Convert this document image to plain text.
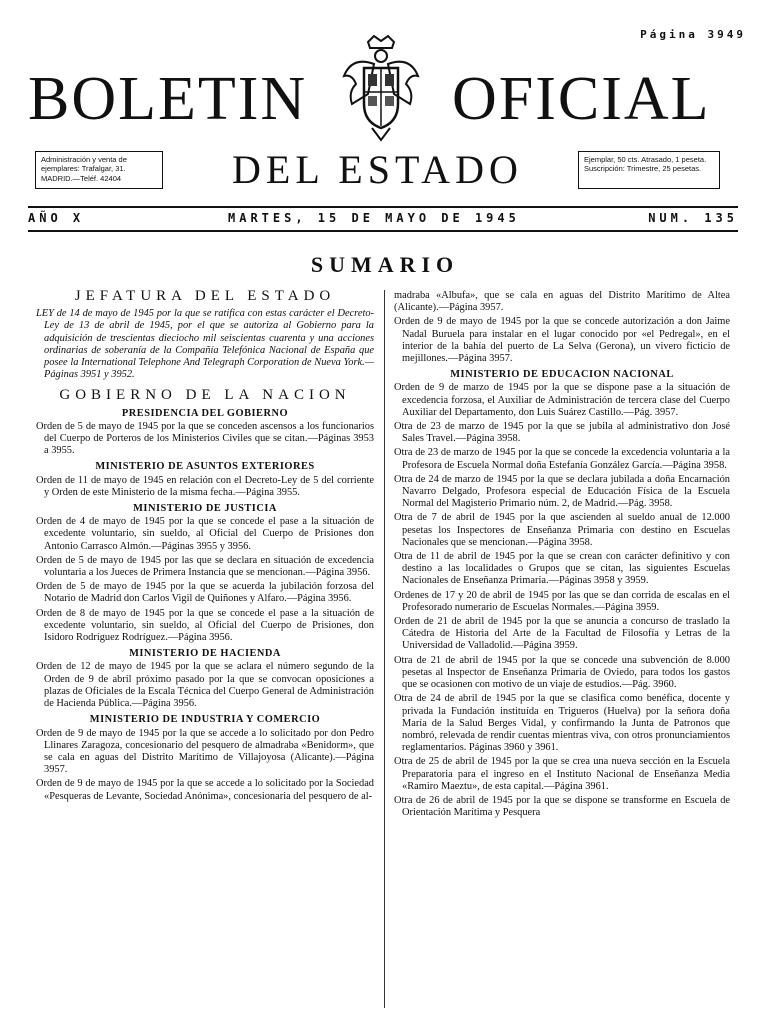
Página 3949
BOLETIN OFICIAL
Administración y venta de ejemplares: Trafalgar, 31. MADRID.—Teléf. 42404	DEL ESTADO	Ejemplar, 50 cts. Atrasado, 1 peseta. Suscripción: Trimestre, 25 pesetas.
AÑO X	MARTES, 15 DE MAYO DE 1945	NUM. 135
SUMARIO
JEFATURA DEL ESTADO

LEY de 14 de mayo de 1945 por la que se ratifica con estas carácter el Decreto-Ley de 13 de abril de 1945, por el que se autoriza al Gobierno para la adquisición de trescientas dieciocho mil seiscientas cuarenta y una acciones ordinarias de soberanía de la Compañía Telefónica Nacional de España que posee la International Telephone And Telegraph Corporation de Nueva York.—Páginas 3951 y 3952.

GOBIERNO DE LA NACION
PRESIDENCIA DEL GOBIERNO

Orden de 5 de mayo de 1945 por la que se conceden ascensos a los funcionarios del Cuerpo de Porteros de los Ministerios Civiles que se citan.—Páginas 3953 a 3955.

MINISTERIO DE ASUNTOS EXTERIORES

Orden de 11 de mayo de 1945 en relación con el Decreto-Ley de 5 del corriente y Orden de este Ministerio de la misma fecha.—Página 3955.

MINISTERIO DE JUSTICIA

Orden de 4 de mayo de 1945 por la que se concede el pase a la situación de excedente voluntario, sin sueldo, al Oficial del Cuerpo de Prisiones don Antonio Carrasco Almón.—Páginas 3955 y 3956.

Orden de 5 de mayo de 1945 por las que se declara en situación de excedencia voluntaria a los Jueces de Primera Instancia que se mencionan.—Página 3956.

Orden de 5 de mayo de 1945 por la que se acuerda la jubilación forzosa del Notario de Madrid don Carlos Vigil de Quiñones y Alfaro.—Página 3956.

Orden de 8 de mayo de 1945 por la que se concede el pase a la situación de excedente voluntario, sin sueldo, al Oficial del Cuerpo de Prisiones, don Isidoro Rodríguez Rodríguez.—Página 3956.

MINISTERIO DE HACIENDA

Orden de 12 de mayo de 1945 por la que se aclara el número segundo de la Orden de 9 de abril próximo pasado por la que se convocan oposiciones a plazas de Oficiales de la Escala Técnica del Cuerpo General de Administración de Hacienda Pública.—Página 3956.

MINISTERIO DE INDUSTRIA Y COMERCIO

Orden de 9 de mayo de 1945 por la que se accede a lo solicitado por don Pedro Llinares Zaragoza, concesionario del pesquero de almadraba «Benidorm», que se cala en aguas del Distrito Marítimo de Villajoyosa (Alicante).—Página 3957.

Orden de 9 de mayo de 1945 por la que se accede a lo solicitado por la Sociedad «Pesqueras de Levante, Sociedad Anónima», concesionaria del pesquero de al-

madraba «Albufa», que se cala en aguas del Distrito Marítimo de Altea (Alicante).—Página 3957.

Orden de 9 de mayo de 1945 por la que se concede autorización a don Jaime Nadal Buruela para instalar en el lugar conocido por «el Pedregal», en el interior de la bahía del puerto de La Selva (Gerona), un vivero ficticio de mejillones.—Página 3957.

MINISTERIO DE EDUCACION NACIONAL

Orden de 9 de marzo de 1945 por la que se dispone pase a la situación de excedencia forzosa, el Auxiliar de Administración de tercera clase del Cuerpo Auxiliar del Departamento, don Luis Suárez Castillo.—Pág. 3957.

Otra de 23 de marzo de 1945 por la que se jubila al administrativo don José Sales Travel.—Página 3958.

Otra de 23 de marzo de 1945 por la que se concede la excedencia voluntaria a la Profesora de Escuela Normal doña Estefanía González García.—Página 3958.

Otra de 24 de marzo de 1945 por la que se declara jubilada a doña Encarnación Navarro Delgado, Profesora especial de Educación Física de la Escuela Normal del Magisterio Primario núm. 2, de Madrid.—Pág. 3958.

Otra de 7 de abril de 1945 por la que ascienden al sueldo anual de 12.000 pesetas los Inspectores de Enseñanza Primaria con destino en Escuelas Nacionales que se mencionan.—Página 3958.

Otra de 11 de abril de 1945 por la que se crean con carácter definitivo y con destino a las localidades o Grupos que se citan, las siguientes Escuelas Nacionales de Enseñanza Primaria.—Páginas 3958 y 3959.

Ordenes de 17 y 20 de abril de 1945 por las que se dan corrida de escalas en el Profesorado numerario de Escuelas Normales.—Página 3959.

Orden de 21 de abril de 1945 por la que se anuncia a concurso de traslado la Cátedra de Historia del Arte de la Facultad de Filosofía y Letras de la Universidad de Valladolid.—Página 3959.

Otra de 21 de abril de 1945 por la que se concede una subvención de 8.000 pesetas al Inspector de Enseñanza Primaria de Oviedo, para todos los gastos que se ocasionen con motivo de un viaje de estudios.—Pág. 3960.

Otra de 24 de abril de 1945 por la que se clasifica como benéfica, docente y privada la Fundación instituída en Trigueros (Huelva) por la señora doña María de la Salud Berges Vidal, y confirmando la Junta de Patronos que nombró, relevada de rendir cuentas mientras viva, con otros pronunciamientos reglamentarios. Páginas 3960 y 3961.

Otra de 25 de abril de 1945 por la que se crea una nueva sección en la Escuela Preparatoria para el ingreso en el Instituto Nacional de Enseñanza Media «Ramiro Maeztu», de esta capital.—Página 3961.

Otra de 26 de abril de 1945 por la que se dispone se transforme en Escuela de Orientación Marítima y Pesquera
